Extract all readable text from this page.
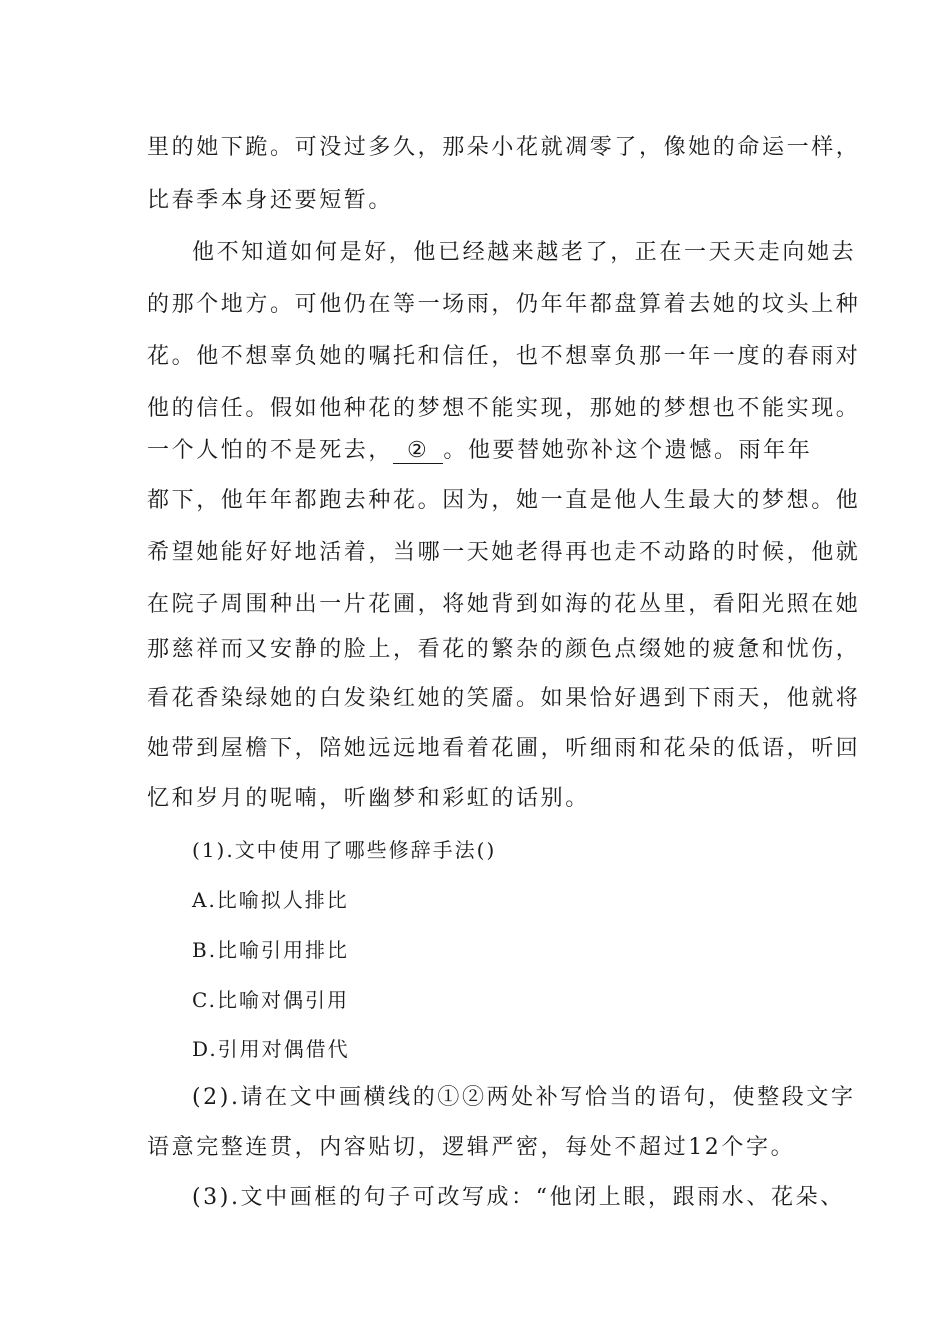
里的她下跪。可没过多久，那朵小花就凋零了，像她的命运一样，
比春季本身还要短暂。
他不知道如何是好，他已经越来越老了，正在一天天走向她去
的那个地方。可他仍在等一场雨，仍年年都盘算着去她的坟头上种
花。他不想辜负她的嘱托和信任，也不想辜负那一年一度的春雨对
他的信任。假如他种花的梦想不能实现，那她的梦想也不能实现。
一个人怕的不是死去， ② 。他要替她弥补这个遗憾。雨年年
都下，他年年都跑去种花。因为，她一直是他人生最大的梦想。他
希望她能好好地活着，当哪一天她老得再也走不动路的时候，他就
在院子周围种出一片花圃，将她背到如海的花丛里，看阳光照在她
那慈祥而又安静的脸上，看花的繁杂的颜色点缀她的疲惫和忧伤，
看花香染绿她的白发染红她的笑靥。如果恰好遇到下雨天，他就将
她带到屋檐下，陪她远远地看着花圃，听细雨和花朵的低语，听回
忆和岁月的呢喃，听幽梦和彩虹的话别。
(1).文中使用了哪些修辞手法()
A.比喻拟人排比
B.比喻引用排比
C.比喻对偶引用
D.引用对偶借代
(2).请在文中画横线的①②两处补写恰当的语句，使整段文字
语意完整连贯，内容贴切，逻辑严密，每处不超过12个字。
(3).文中画框的句子可改写成：“他闭上眼，跟雨水、花朵、
